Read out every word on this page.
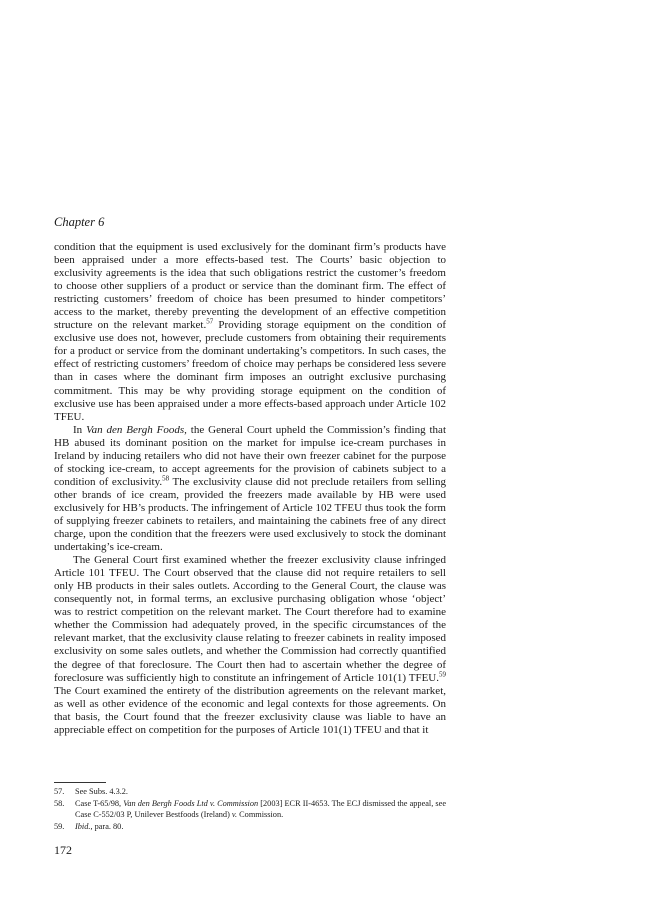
Chapter 6

condition that the equipment is used exclusively for the dominant firm’s products have been appraised under a more effects-based test. The Courts’ basic objection to exclusivity agreements is the idea that such obligations restrict the customer’s freedom to choose other suppliers of a product or service than the dominant firm. The effect of restricting customers’ freedom of choice has been presumed to hinder competitors’ access to the market, thereby preventing the development of an effective competition structure on the relevant market.$^{57}$ Providing storage equipment on the condition of exclusive use does not, however, preclude customers from obtaining their requirements for a product or service from the dominant undertaking’s competitors. In such cases, the effect of restricting customers’ freedom of choice may perhaps be considered less severe than in cases where the dominant firm imposes an outright exclusive purchasing commitment. This may be why providing storage equipment on the condition of exclusive use has been appraised under a more effects-based approach under Article 102 TFEU.

In Van den Bergh Foods, the General Court upheld the Commission’s finding that HB abused its dominant position on the market for impulse ice-cream purchases in Ireland by inducing retailers who did not have their own freezer cabinet for the purpose of stocking ice-cream, to accept agreements for the provision of cabinets subject to a condition of exclusivity.$^{58}$ The exclusivity clause did not preclude retailers from selling other brands of ice cream, provided the freezers made available by HB were used exclusively for HB’s products. The infringement of Article 102 TFEU thus took the form of supplying freezer cabinets to retailers, and maintaining the cabinets free of any direct charge, upon the condition that the freezers were used exclusively to stock the dominant undertaking’s ice-cream.

The General Court first examined whether the freezer exclusivity clause infringed Article 101 TFEU. The Court observed that the clause did not require retailers to sell only HB products in their sales outlets. According to the General Court, the clause was consequently not, in formal terms, an exclusive purchasing obligation whose ‘object’ was to restrict competition on the relevant market. The Court therefore had to examine whether the Commission had adequately proved, in the specific circumstances of the relevant market, that the exclusivity clause relating to freezer cabinets in reality imposed exclusivity on some sales outlets, and whether the Commission had correctly quantified the degree of that foreclosure. The Court then had to ascertain whether the degree of foreclosure was sufficiently high to constitute an infringement of Article 101(1) TFEU.$^{59}$ The Court examined the entirety of the distribution agreements on the relevant market, as well as other evidence of the economic and legal contexts for those agreements. On that basis, the Court found that the freezer exclusivity clause was liable to have an appreciable effect on competition for the purposes of Article 101(1) TFEU and that it

57.	See Subs. 4.3.2.
58.	Case T-65/98, Van den Bergh Foods Ltd v. Commission [2003] ECR II-4653. The ECJ dismissed the appeal, see Case C-552/03 P, Unilever Bestfoods (Ireland) v. Commission.
59.	Ibid., para. 80.
172
